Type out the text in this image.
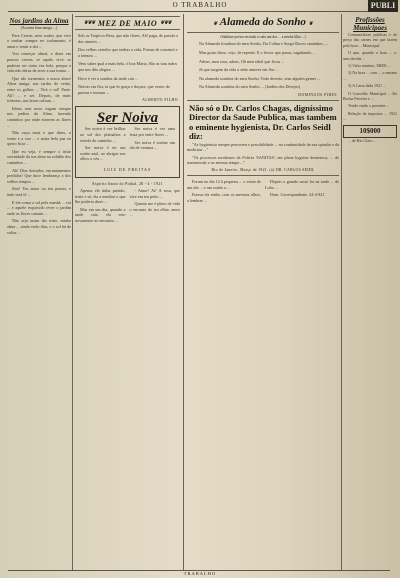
O TRABALHO	PUBLI
Nos jardins da Alma
(Ao meu bom amigo ...)

Para Cereus, meu sonho, que vive a sonhar sempre no isolamento, é amar e sentir a dor ...

Vou começar afinal, e dizer em poucos versos, se aquilo vive; se pudesse ser outra vez bela, porque a vida não deixa de tecer a sua trama ...

Que são tormentos a nossa alma! Alma amiga, nas tardes de verão, entre os galhos ... Virá o sol! Parte. Ali! ... e ser. Depois, de mais tristezas, nas horas calmas ...

Ideias sem nexo vagam sempre nos jardins da Alma, fazendo caminhos por onde morrem as flores ...

Não ouço mais o que dizes, o vento e a voz ... e nesta bela paz eu quero ficar ...

Que eu veja, e sempre a triste serenidade da tua alma na solidão dos caminhos ...

Ah! Dias doirados, encantamentos perdidos! Que doce lembrança a dos velhos tempos ...

Sim! Teu amor ou teu pranto, e tudo será fé ...

E ele como o sol pela manhã ... vai ... e aquele esquecido rever o jardim onde as flores cantam ...

Não seja assim tão triste, minha alma ... ainda virão dias, e o sol há de voltar ...

❦❦❦ MEZ DE MAIO ❦❦❦

Sob os Tropicos Bera, que não flores, Ah! paga, de paixão e dos amores ...

Dos velhos castelos que tenhas a vida, Pomas de rouxinol e a ternura ...

Vens saber qual a mais bela, ó boa Maria, São as tuas mãos que nos dão alegria ...

Doce é ver a sombra da tarde cair ...

Noivas em flor, tu que és graça e doçura, que vestes de pureza e ternura ...

ALBERTO FILHO
Ser Noiva

Ser noiva é ver brilhar ao sol dos plainaltos a estrela do caminho ...

Ser noiva é ter um sonho azul, ao abrigar nos olhos o céu ...

Ser noiva é ver uma festa por entre flores ...

Ser noiva é sonhar um dia de ventura ...

LUIZ DE FREITAS
Espirito Santo do Pinhal, 28 - 4 - 1921

Apenas ele tinha partido, triste e só, ela a meditar o que lhe poderia dizer ...

Mas em um dia, quando a tarde caía, ela veio novamente ao encontro ...

- Amor! Ai! A rosa, que vive em teu peito ...

Quanto me é pleno de vida o encanto do teu olhar, amor ...

❦ Alameda do Sonho ❦
(Sublime poesia recitada a cada um dos ... a minha filha ...)

Na Alameda frondosa do meu Sonho, Da Colina e Sorgo-Doces caminhos, ...

Mas gosto disso, vejo, de repente, E o fervor que passa, vagabundo ...

Adeus, meu rosa, adeus, Oh meu ideal que ficou ...

Já que surgem da vida a série amores em flor ...

Na alameda sombria do meu Sonho, Todo deserto, sem alguém gemer ...

Na Alameda sombria do meu Sonho ... (Jardim dos Desejos)

DOMINGOS PIRES
Não só o Dr. Carlos Chagas, digníssimo Director da Saude Publica, mas tambem o eminente hygienista, Dr. Carlos Seidl diz:

"As hygienista sempre percorreu e possibilidade ... na continuidade da sua opinião e da medicina ..."

"Os processos modernos da Policia 'SANITAS', em plena hygiene domestica, ... de transmissão e ao mesmo tempo ..."

Rio de Janeiro, Março de 1921. (a) DR. CARLOS SEIDL

Foram no dia 12 à pequena ... o vento de um dia ... e um sonho a ...

Estava ela então, com os mesmos olhos, a lembrar ...

Depois o grande susto foi na tarde ... de Lobo ...

Dom. Correspondente, 24-4-921

Profissões Municipaes

Consumidores publicas e de preço das carnes em que fazem pela hora ... Municipal.

O que, quando a hora ... e, sem duvida ...

1) Valor minimo, 3$000 ...

2) Na hora ... com ... o mesmo ...

3) A Carta dada 1921 ...

O Conselho Municipal ... Da Rocha Ferreira e ...

Tendo vindo o presente ...

Relação de impostos ... 1921 ...

10$000

... de Rio Claro ...

TRABALHO
